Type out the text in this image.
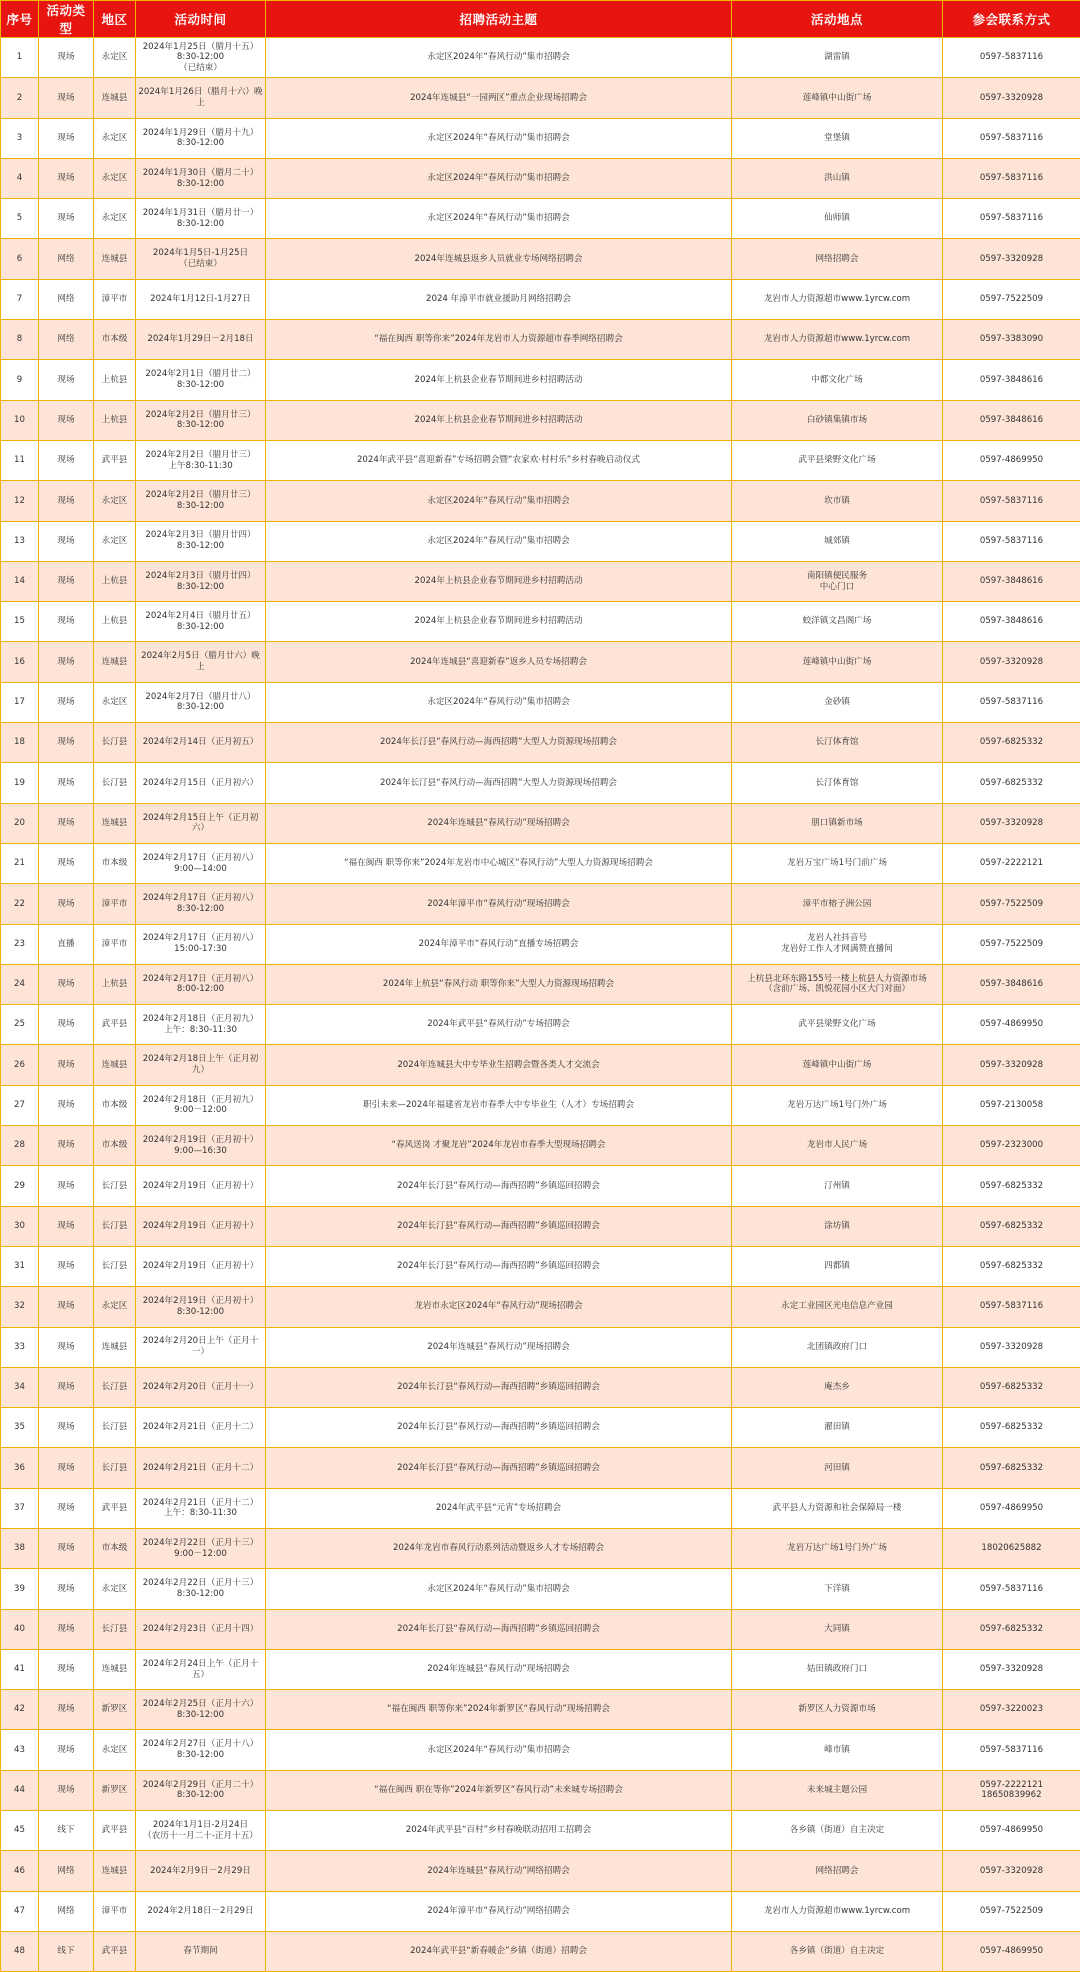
序号	活动类型	地区	活动时间	招聘活动主题	活动地点	参会联系方式
1	现场	永定区	2024年1月25日（腊月十五）
8:30-12:00
（已结束）	永定区2024年“春风行动”集市招聘会	湖雷镇	0597-5837116
2	现场	连城县	2024年1月26日（腊月十六）晚上	2024年连城县“一园两区”重点企业现场招聘会	莲峰镇中山街广场	0597-3320928
3	现场	永定区	2024年1月29日（腊月十九）
8:30-12:00	永定区2024年“春风行动”集市招聘会	堂堡镇	0597-5837116
4	现场	永定区	2024年1月30日（腊月二十）
8:30-12:00	永定区2024年“春风行动”集市招聘会	洪山镇	0597-5837116
5	现场	永定区	2024年1月31日（腊月廿一）
8:30-12:00	永定区2024年“春风行动”集市招聘会	仙师镇	0597-5837116
6	网络	连城县	2024年1月5日-1月25日
（已结束）	2024年连城县返乡人员就业专场网络招聘会	网络招聘会	0597-3320928
7	网络	漳平市	2024年1月12日-1月27日	2024 年漳平市就业援助月网络招聘会	龙岩市人力资源超市www.1yrcw.com	0597-7522509
8	网络	市本级	2024年1月29日－2月18日	“福在闽西 职等你来”2024年龙岩市人力资源超市春季网络招聘会	龙岩市人力资源超市www.1yrcw.com	0597-3383090
9	现场	上杭县	2024年2月1日（腊月廿二）
8:30-12:00	2024年上杭县企业春节期间进乡村招聘活动	中都文化广场	0597-3848616
10	现场	上杭县	2024年2月2日（腊月廿三）
8:30-12:00	2024年上杭县企业春节期间进乡村招聘活动	白砂镇集镇市场	0597-3848616
11	现场	武平县	2024年2月2日（腊月廿三）
上午8:30-11:30	2024年武平县“喜迎新春”专场招聘会暨“农家欢·村村乐”乡村春晚启动仪式	武平县梁野文化广场	0597-4869950
12	现场	永定区	2024年2月2日（腊月廿三）
8:30-12:00	永定区2024年“春风行动”集市招聘会	坎市镇	0597-5837116
13	现场	永定区	2024年2月3日（腊月廿四）
8:30-12:00	永定区2024年“春风行动”集市招聘会	城郊镇	0597-5837116
14	现场	上杭县	2024年2月3日（腊月廿四）
8:30-12:00	2024年上杭县企业春节期间进乡村招聘活动	南阳镇便民服务
中心门口	0597-3848616
15	现场	上杭县	2024年2月4日（腊月廿五）
8:30-12:00	2024年上杭县企业春节期间进乡村招聘活动	蛟洋镇文昌阁广场	0597-3848616
16	现场	连城县	2024年2月5日（腊月廿六）晚上	2024年连城县“喜迎新春”返乡人员专场招聘会	莲峰镇中山街广场	0597-3320928
17	现场	永定区	2024年2月7日（腊月廿八）
8:30-12:00	永定区2024年“春风行动”集市招聘会	金砂镇	0597-5837116
18	现场	长汀县	2024年2月14日（正月初五）	2024年长汀县“春风行动—海西招聘”大型人力资源现场招聘会	长汀体育馆	0597-6825332
19	现场	长汀县	2024年2月15日（正月初六）	2024年长汀县“春风行动—海西招聘”大型人力资源现场招聘会	长汀体育馆	0597-6825332
20	现场	连城县	2024年2月15日上午（正月初六）	2024年连城县“春风行动”现场招聘会	朋口镇新市场	0597-3320928
21	现场	市本级	2024年2月17日（正月初八）
9:00—14:00	“福在闽西 职等你来”2024年龙岩市中心城区“春风行动”大型人力资源现场招聘会	龙岩万宝广场1号门前广场	0597-2222121
22	现场	漳平市	2024年2月17日（正月初八）
8:30-12:00	2024年漳平市“春风行动”现场招聘会	漳平市榕子洲公园	0597-7522509
23	直播	漳平市	2024年2月17日（正月初八）
15:00-17:30	2024年漳平市“春风行动”直播专场招聘会	龙岩人社抖音号
龙岩好工作人才网满赞直播间	0597-7522509
24	现场	上杭县	2024年2月17日（正月初八）
8:00-12:00	2024年上杭县“春风行动 职等你来”大型人力资源现场招聘会	上杭县北环东路155号一楼上杭县人力资源市场
（含前广场、凯悦花园小区大门对面）	0597-3848616
25	现场	武平县	2024年2月18日（正月初九）
上午：8:30-11:30	2024年武平县“春风行动”专场招聘会	武平县梁野文化广场	0597-4869950
26	现场	连城县	2024年2月18日上午（正月初九）	2024年连城县大中专毕业生招聘会暨各类人才交流会	莲峰镇中山街广场	0597-3320928
27	现场	市本级	2024年2月18日（正月初九）
9:00－12:00	职引未来—2024年福建省龙岩市春季大中专毕业生（人才）专场招聘会	龙岩万达广场1号门外广场	0597-2130058
28	现场	市本级	2024年2月19日（正月初十）
9:00—16:30	“春风送岗 才聚龙岩”2024年龙岩市春季大型现场招聘会	龙岩市人民广场	0597-2323000
29	现场	长汀县	2024年2月19日（正月初十）	2024年长汀县“春风行动—海西招聘”乡镇巡回招聘会	汀州镇	0597-6825332
30	现场	长汀县	2024年2月19日（正月初十）	2024年长汀县“春风行动—海西招聘”乡镇巡回招聘会	涂坊镇	0597-6825332
31	现场	长汀县	2024年2月19日（正月初十）	2024年长汀县“春风行动—海西招聘”乡镇巡回招聘会	四都镇	0597-6825332
32	现场	永定区	2024年2月19日（正月初十）
8:30-12:00	龙岩市永定区2024年“春风行动”现场招聘会	永定工业园区光电信息产业园	0597-5837116
33	现场	连城县	2024年2月20日上午（正月十一）	2024年连城县“春风行动”现场招聘会	北团镇政府门口	0597-3320928
34	现场	长汀县	2024年2月20日（正月十一）	2024年长汀县“春风行动—海西招聘”乡镇巡回招聘会	庵杰乡	0597-6825332
35	现场	长汀县	2024年2月21日（正月十二）	2024年长汀县“春风行动—海西招聘”乡镇巡回招聘会	濯田镇	0597-6825332
36	现场	长汀县	2024年2月21日（正月十二）	2024年长汀县“春风行动—海西招聘”乡镇巡回招聘会	河田镇	0597-6825332
37	现场	武平县	2024年2月21日（正月十二）
上午：8:30-11:30	2024年武平县“元宵”专场招聘会	武平县人力资源和社会保障局一楼	0597-4869950
38	现场	市本级	2024年2月22日（正月十三）
9:00－12:00	2024年龙岩市春风行动系列活动暨返乡人才专场招聘会	龙岩万达广场1号门外广场	18020625882
39	现场	永定区	2024年2月22日（正月十三）
8:30-12:00	永定区2024年“春风行动”集市招聘会	下洋镇	0597-5837116
40	现场	长汀县	2024年2月23日（正月十四）	2024年长汀县“春风行动—海西招聘”乡镇巡回招聘会	大同镇	0597-6825332
41	现场	连城县	2024年2月24日上午（正月十五）	2024年连城县“春风行动”现场招聘会	姑田镇政府门口	0597-3320928
42	现场	新罗区	2024年2月25日（正月十六）
8:30-12:00	“福在闽西 职等你来”2024年新罗区“春风行动”现场招聘会	新罗区人力资源市场	0597-3220023
43	现场	永定区	2024年2月27日（正月十八）
8:30-12:00	永定区2024年“春风行动”集市招聘会	峰市镇	0597-5837116
44	现场	新罗区	2024年2月29日（正月二十）
8:30-12:00	“福在闽西 职在等你”2024年新罗区“春风行动”未来城专场招聘会	未来城主题公园	0597-2222121
18650839962
45	线下	武平县	2024年1月1日-2月24日
（农历十一月二十-正月十五）	2024年武平县“百村”乡村春晚联动招用工招聘会	各乡镇（街道）自主决定	0597-4869950
46	网络	连城县	2024年2月9日－2月29日	2024年连城县“春风行动”网络招聘会	网络招聘会	0597-3320928
47	网络	漳平市	2024年2月18日－2月29日	2024年漳平市“春风行动”网络招聘会	龙岩市人力资源超市www.1yrcw.com	0597-7522509
48	线下	武平县	春节期间	2024年武平县“新春暖企”乡镇（街道）招聘会	各乡镇（街道）自主决定	0597-4869950
